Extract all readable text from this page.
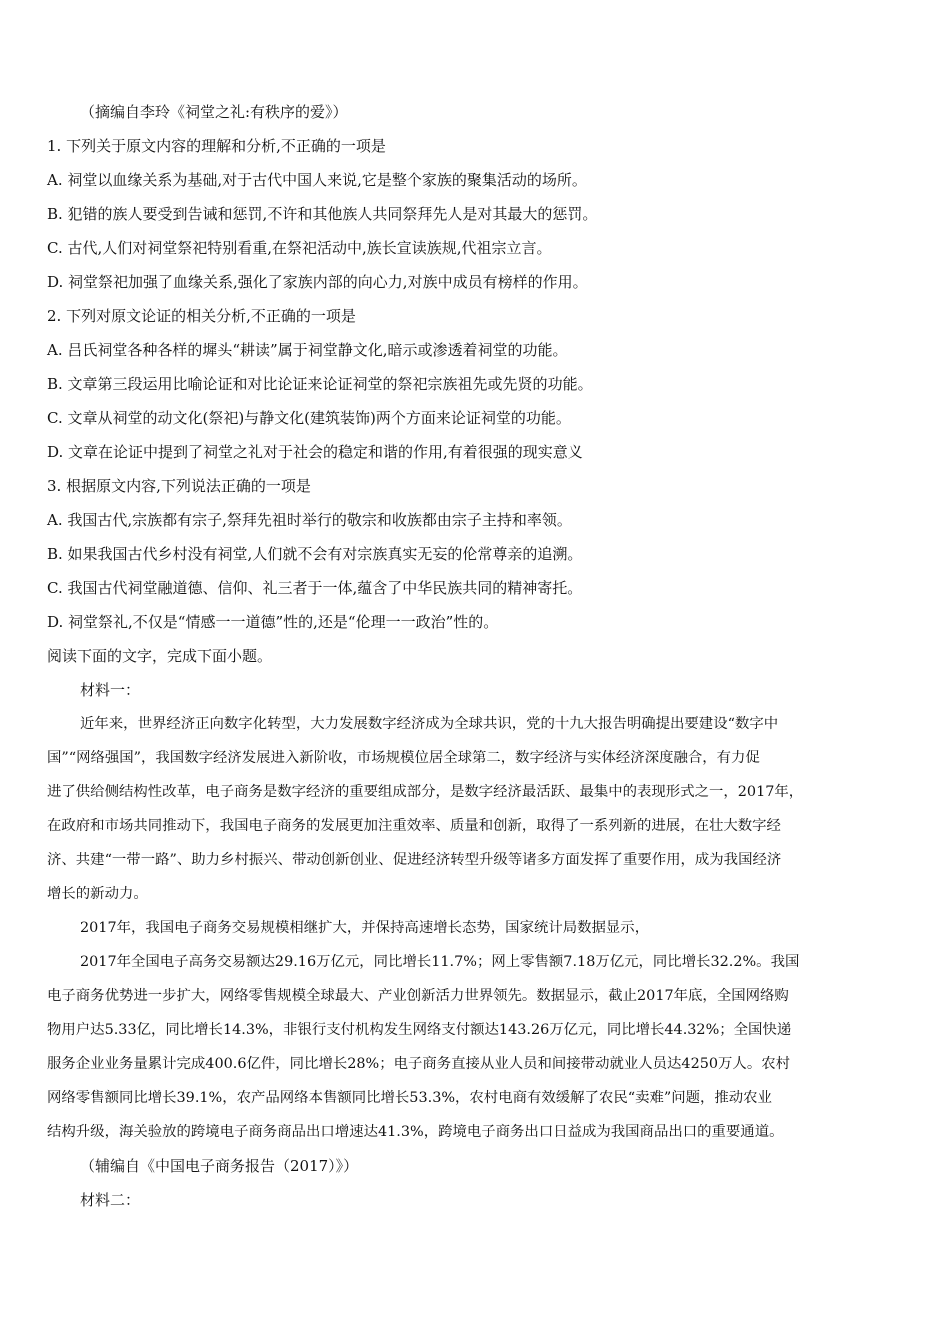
（摘编自李玲《祠堂之礼:有秩序的爱》）
1. 下列关于原文内容的理解和分析,不正确的一项是
A. 祠堂以血缘关系为基础,对于古代中国人来说,它是整个家族的聚集活动的场所。
B. 犯错的族人要受到告诫和惩罚,不许和其他族人共同祭拜先人是对其最大的惩罚。
C. 古代,人们对祠堂祭祀特别看重,在祭祀活动中,族长宣读族规,代祖宗立言。
D. 祠堂祭祀加强了血缘关系,强化了家族内部的向心力,对族中成员有榜样的作用。
2. 下列对原文论证的相关分析,不正确的一项是
A. 吕氏祠堂各种各样的墀头“耕读”属于祠堂静文化,暗示或渗透着祠堂的功能。
B. 文章第三段运用比喻论证和对比论证来论证祠堂的祭祀宗族祖先或先贤的功能。
C. 文章从祠堂的动文化(祭祀)与静文化(建筑装饰)两个方面来论证祠堂的功能。
D. 文章在论证中提到了祠堂之礼对于社会的稳定和谐的作用,有着很强的现实意义
3. 根据原文内容,下列说法正确的一项是
A. 我国古代,宗族都有宗子,祭拜先祖时举行的敬宗和收族都由宗子主持和率领。
B. 如果我国古代乡村没有祠堂,人们就不会有对宗族真实无妄的伦常尊亲的追溯。
C. 我国古代祠堂融道德、信仰、礼三者于一体,蕴含了中华民族共同的精神寄托。
D. 祠堂祭礼,不仅是“情感一一道德”性的,还是“伦理一一政治”性的。
阅读下面的文字，完成下面小题。
材料一：
近年来，世界经济正向数字化转型，大力发展数字经济成为全球共识，党的十九大报告明确提出要建设“数字中
国”“网络强国”，我国数字经济发展进入新阶收，市场规模位居全球第二，数字经济与实体经济深度融合，有力促
进了供给侧结构性改革，电子商务是数字经济的重要组成部分，是数字经济最活跃、最集中的表现形式之一，2017年，
在政府和市场共同推动下，我国电子商务的发展更加注重效率、质量和创新，取得了一系列新的进展，在壮大数字经
济、共建“一带一路”、助力乡村振兴、带动创新创业、促进经济转型升级等诸多方面发挥了重要作用，成为我国经济
增长的新动力。
2017年，我国电子商务交易规模相继扩大，并保持高速增长态势，国家统计局数据显示，
2017年全国电子高务交易额达29.16万亿元，同比增长11.7%；网上零售额7.18万亿元，同比增长32.2%。我国
电子商务优势进一步扩大，网络零售规模全球最大、产业创新活力世界领先。数据显示，截止2017年底，全国网络购
物用户达5.33亿，同比增长14.3%，非银行支付机构发生网络支付额达143.26万亿元，同比增长44.32%；全国快递
服务企业业务量累计完成400.6亿件，同比增长28%；电子商务直接从业人员和间接带动就业人员达4250万人。农村
网络零售额同比增长39.1%，农产品网络本售额同比增长53.3%，农村电商有效缓解了农民“卖难”问题，推动农业
结构升级，海关验放的跨境电子商务商品出口增速达41.3%，跨境电子商务出口日益成为我国商品出口的重要通道。
（辅编自《中国电子商务报告（2017）》）
材料二：
